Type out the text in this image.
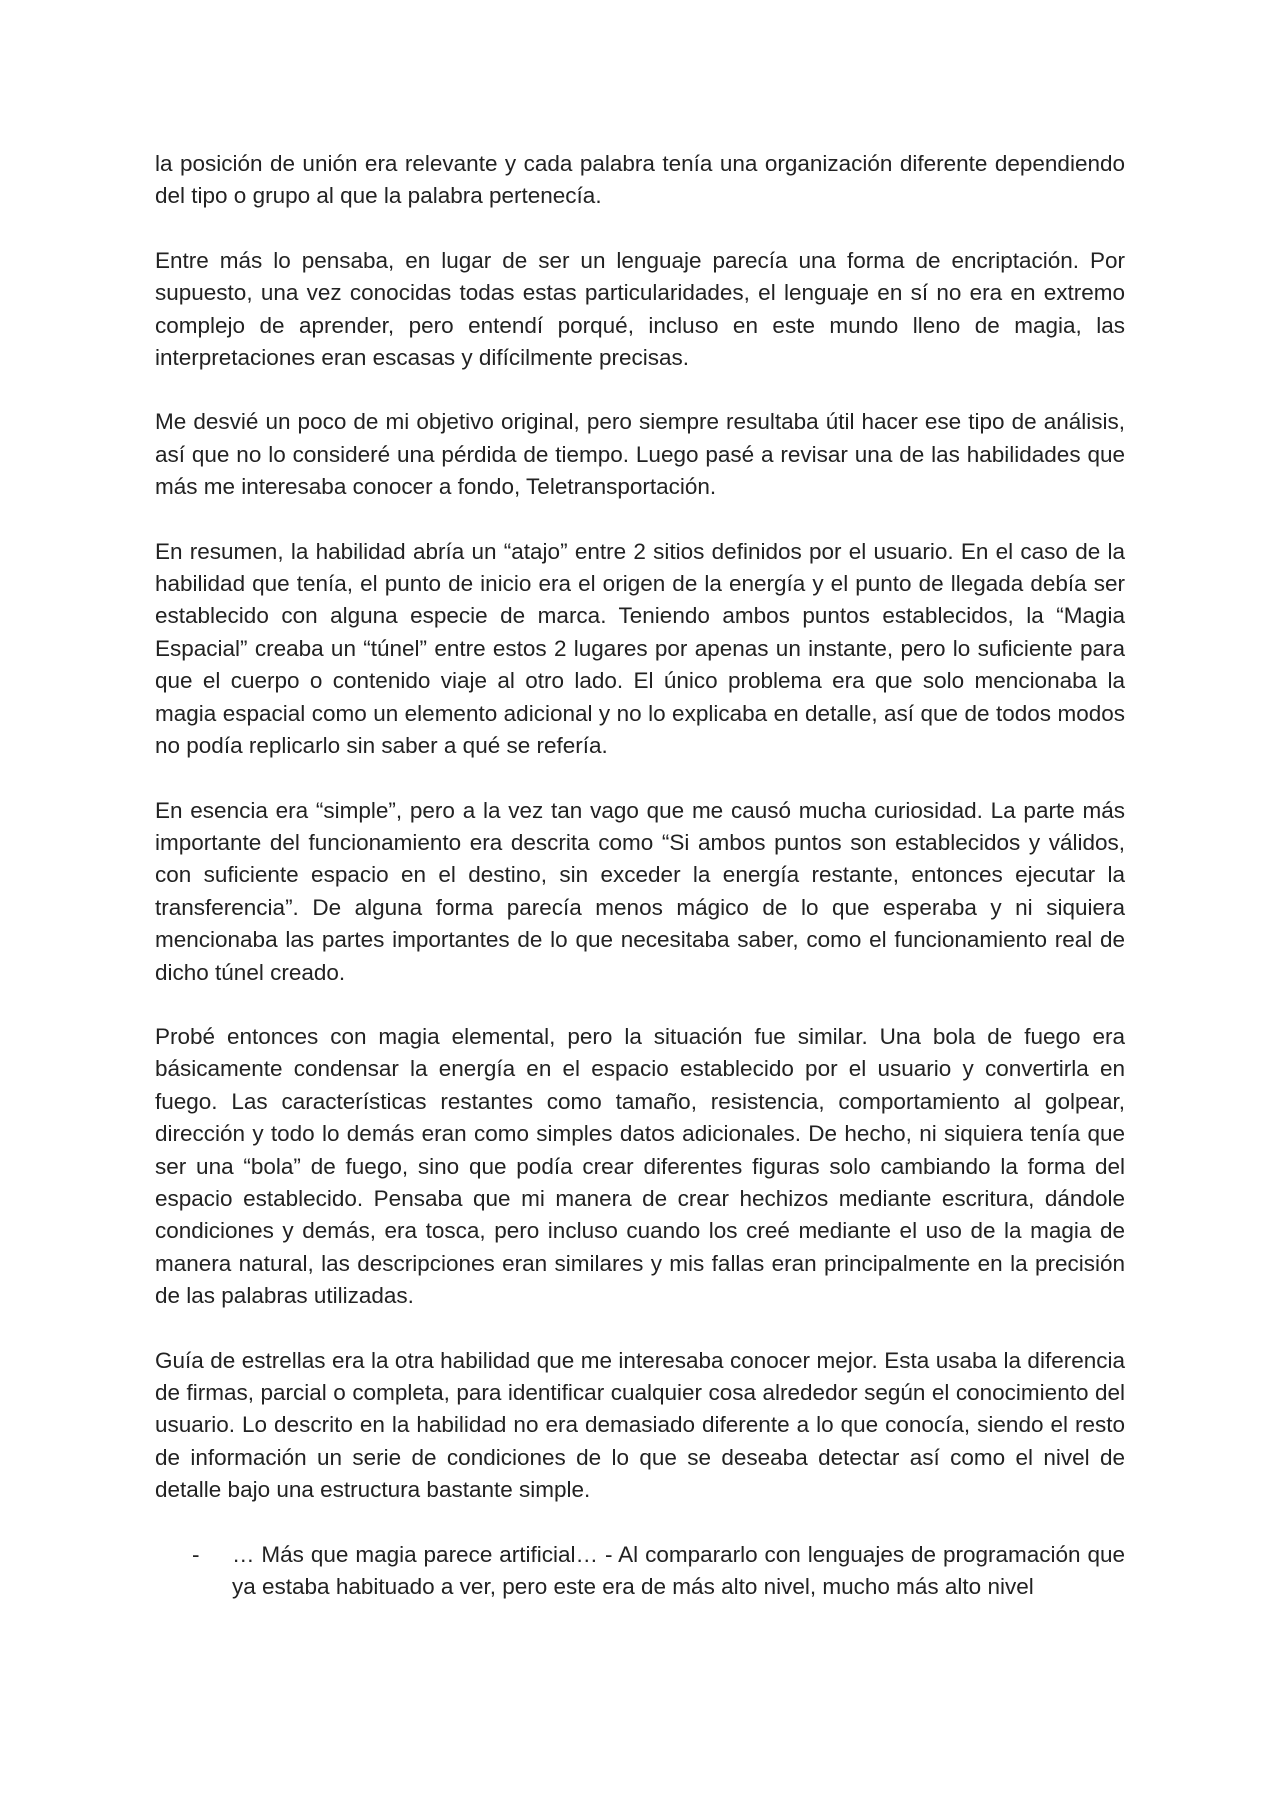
la posición de unión era relevante y cada palabra tenía una organización diferente dependiendo del tipo o grupo al que la palabra pertenecía.

Entre más lo pensaba, en lugar de ser un lenguaje parecía una forma de encriptación. Por supuesto, una vez conocidas todas estas particularidades, el lenguaje en sí no era en extremo complejo de aprender, pero entendí porqué, incluso en este mundo lleno de magia, las interpretaciones eran escasas y difícilmente precisas.

Me desvié un poco de mi objetivo original, pero siempre resultaba útil hacer ese tipo de análisis, así que no lo consideré una pérdida de tiempo. Luego pasé a revisar una de las habilidades que más me interesaba conocer a fondo, Teletransportación.

En resumen, la habilidad abría un “atajo” entre 2 sitios definidos por el usuario. En el caso de la habilidad que tenía, el punto de inicio era el origen de la energía y el punto de llegada debía ser establecido con alguna especie de marca. Teniendo ambos puntos establecidos, la “Magia Espacial” creaba un “túnel” entre estos 2 lugares por apenas un instante, pero lo suficiente para que el cuerpo o contenido viaje al otro lado. El único problema era que solo mencionaba la magia espacial como un elemento adicional y no lo explicaba en detalle, así que de todos modos no podía replicarlo sin saber a qué se refería.

En esencia era “simple”, pero a la vez tan vago que me causó mucha curiosidad. La parte más importante del funcionamiento era descrita como “Si ambos puntos son establecidos y válidos, con suficiente espacio en el destino, sin exceder la energía restante, entonces ejecutar la transferencia”. De alguna forma parecía menos mágico de lo que esperaba y ni siquiera mencionaba las partes importantes de lo que necesitaba saber, como el funcionamiento real de dicho túnel creado.

Probé entonces con magia elemental, pero la situación fue similar. Una bola de fuego era básicamente condensar la energía en el espacio establecido por el usuario y convertirla en fuego. Las características restantes como tamaño, resistencia, comportamiento al golpear, dirección y todo lo demás eran como simples datos adicionales. De hecho, ni siquiera tenía que ser una “bola” de fuego, sino que podía crear diferentes figuras solo cambiando la forma del espacio establecido. Pensaba que mi manera de crear hechizos mediante escritura, dándole condiciones y demás, era tosca, pero incluso cuando los creé mediante el uso de la magia de manera natural, las descripciones eran similares y mis fallas eran principalmente en la precisión de las palabras utilizadas.

Guía de estrellas era la otra habilidad que me interesaba conocer mejor. Esta usaba la diferencia de firmas, parcial o completa, para identificar cualquier cosa alrededor según el conocimiento del usuario. Lo descrito en la habilidad no era demasiado diferente a lo que conocía, siendo el resto de información un serie de condiciones de lo que se deseaba detectar así como el nivel de detalle bajo una estructura bastante simple.

- … Más que magia parece artificial… - Al compararlo con lenguajes de programación que ya estaba habituado a ver, pero este era de más alto nivel, mucho más alto nivel
